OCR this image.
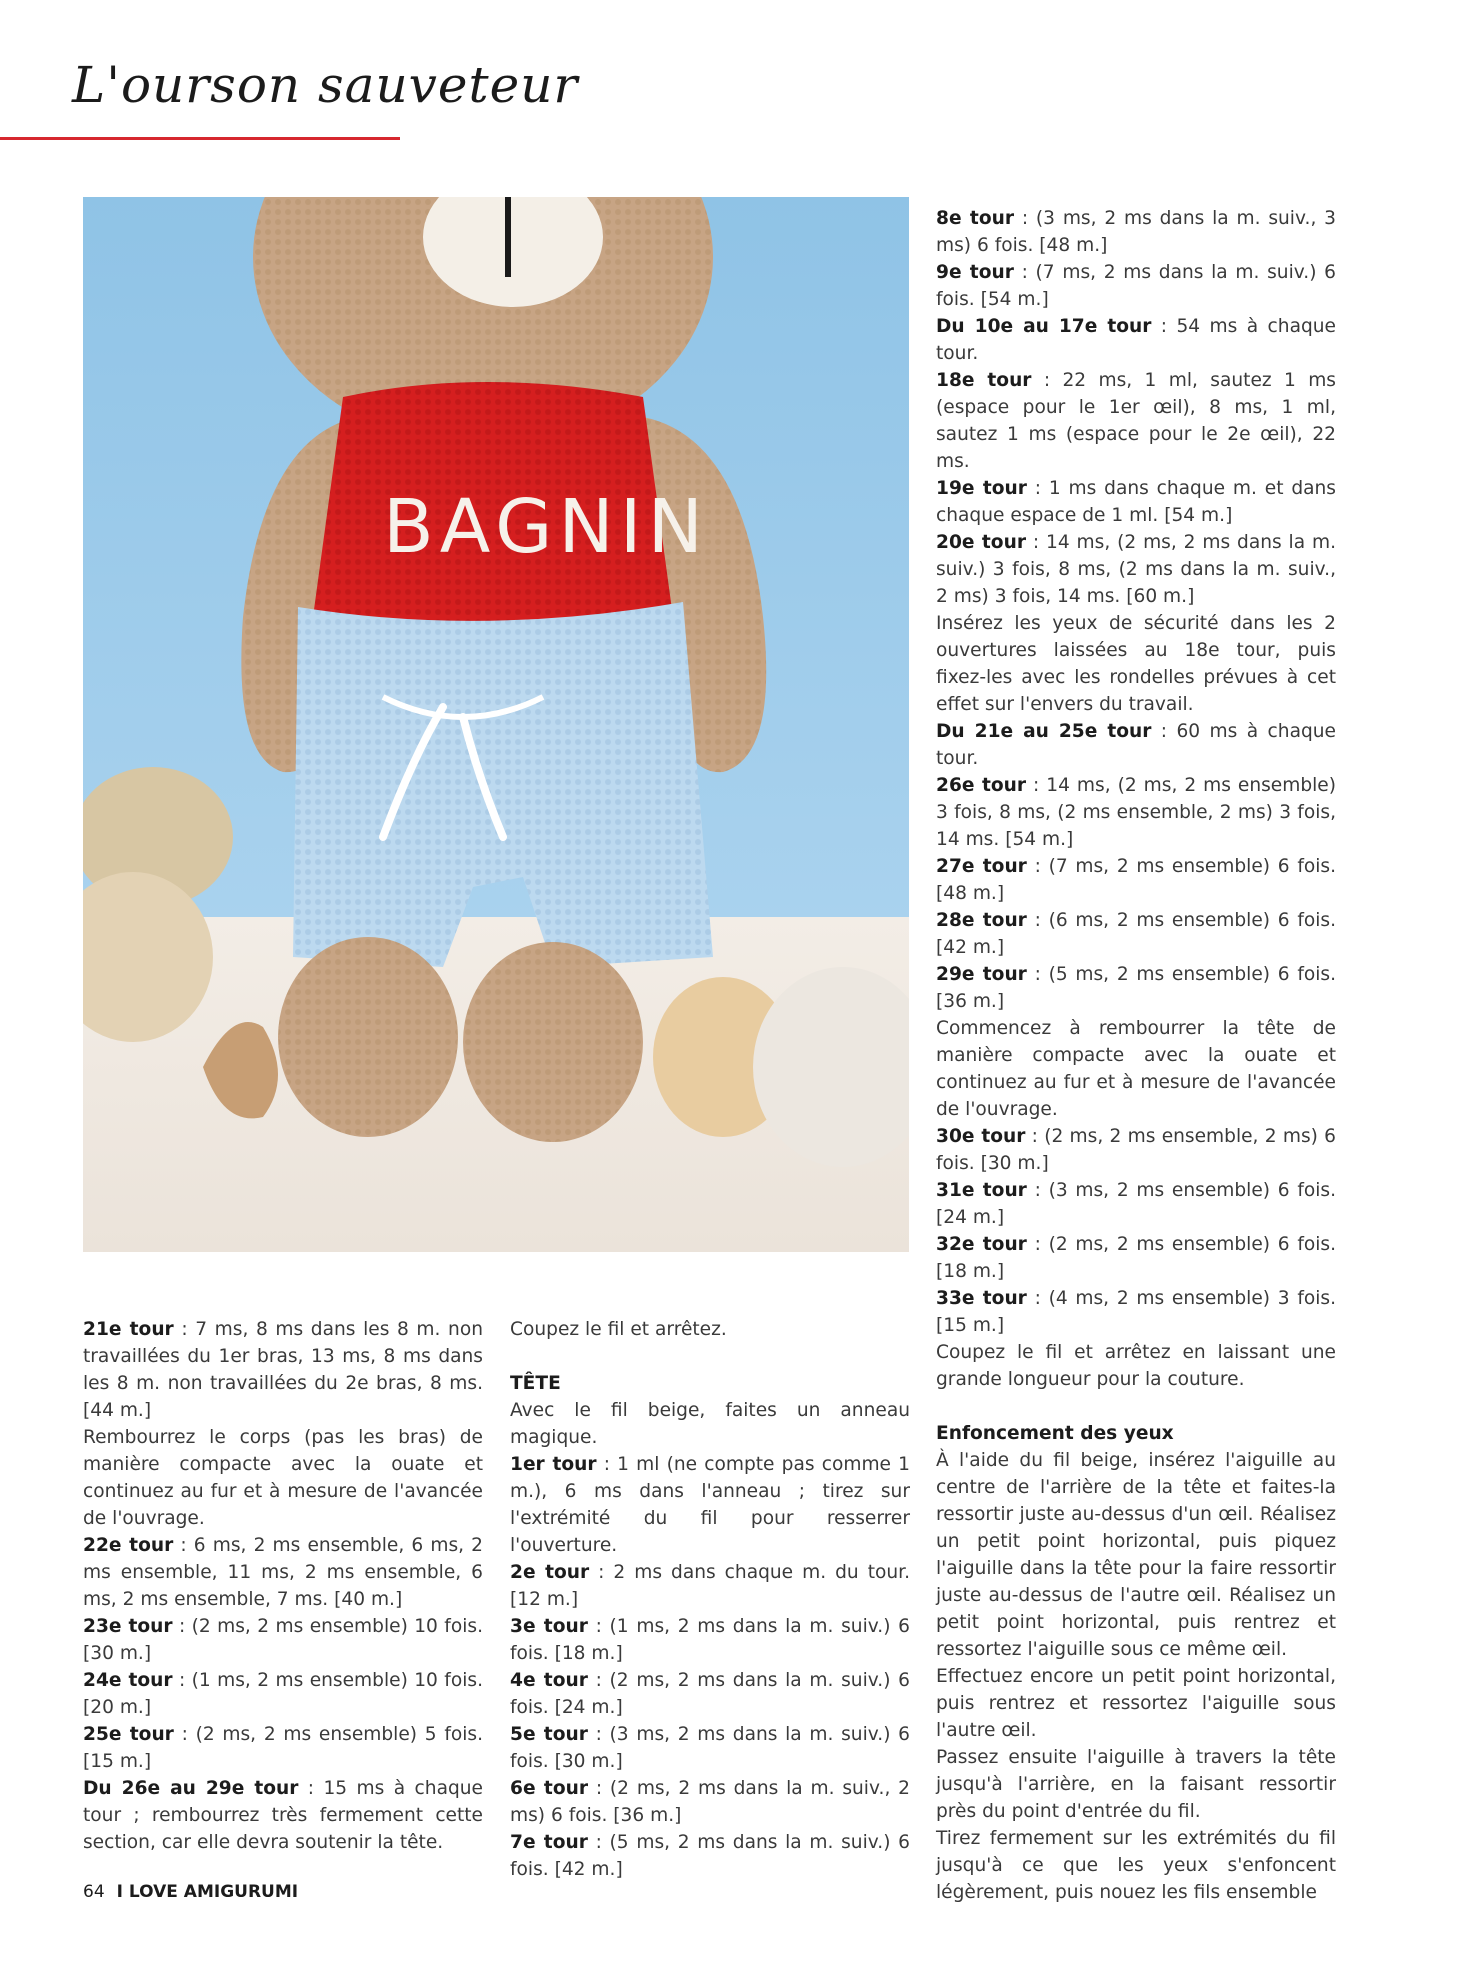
L'ourson sauveteur
BAGNIN

21e tour : 7 ms, 8 ms dans les 8 m. non travaillées du 1er bras, 13 ms, 8 ms dans les 8 m. non travaillées du 2e bras, 8 ms. [44 m.]

Rembourrez le corps (pas les bras) de manière compacte avec la ouate et continuez au fur et à mesure de l'avancée de l'ouvrage.

22e tour : 6 ms, 2 ms ensemble, 6 ms, 2 ms ensemble, 11 ms, 2 ms ensemble, 6 ms, 2 ms ensemble, 7 ms. [40 m.]

23e tour : (2 ms, 2 ms ensemble) 10 fois. [30 m.]

24e tour : (1 ms, 2 ms ensemble) 10 fois. [20 m.]

25e tour : (2 ms, 2 ms ensemble) 5 fois. [15 m.]

Du 26e au 29e tour : 15 ms à chaque tour ; rembourrez très fermement cette section, car elle devra soutenir la tête.

Coupez le fil et arrêtez.

TÊTE

Avec le fil beige, faites un anneau magique.

1er tour : 1 ml (ne compte pas comme 1 m.), 6 ms dans l'anneau ; tirez sur l'extrémité du fil pour resserrer l'ouverture.

2e tour : 2 ms dans chaque m. du tour. [12 m.]

3e tour : (1 ms, 2 ms dans la m. suiv.) 6 fois. [18 m.]

4e tour : (2 ms, 2 ms dans la m. suiv.) 6 fois. [24 m.]

5e tour : (3 ms, 2 ms dans la m. suiv.) 6 fois. [30 m.]

6e tour : (2 ms, 2 ms dans la m. suiv., 2 ms) 6 fois. [36 m.]

7e tour : (5 ms, 2 ms dans la m. suiv.) 6 fois. [42 m.]

8e tour : (3 ms, 2 ms dans la m. suiv., 3 ms) 6 fois. [48 m.]

9e tour : (7 ms, 2 ms dans la m. suiv.) 6 fois. [54 m.]

Du 10e au 17e tour : 54 ms à chaque tour.

18e tour : 22 ms, 1 ml, sautez 1 ms (espace pour le 1er œil), 8 ms, 1 ml, sautez 1 ms (espace pour le 2e œil), 22 ms.

19e tour : 1 ms dans chaque m. et dans chaque espace de 1 ml. [54 m.]

20e tour : 14 ms, (2 ms, 2 ms dans la m. suiv.) 3 fois, 8 ms, (2 ms dans la m. suiv., 2 ms) 3 fois, 14 ms. [60 m.]

Insérez les yeux de sécurité dans les 2 ouvertures laissées au 18e tour, puis fixez-les avec les rondelles prévues à cet effet sur l'envers du travail.

Du 21e au 25e tour : 60 ms à chaque tour.

26e tour : 14 ms, (2 ms, 2 ms ensemble) 3 fois, 8 ms, (2 ms ensemble, 2 ms) 3 fois, 14 ms. [54 m.]

27e tour : (7 ms, 2 ms ensemble) 6 fois. [48 m.]

28e tour : (6 ms, 2 ms ensemble) 6 fois. [42 m.]

29e tour : (5 ms, 2 ms ensemble) 6 fois. [36 m.]

Commencez à rembourrer la tête de manière compacte avec la ouate et continuez au fur et à mesure de l'avancée de l'ouvrage.

30e tour : (2 ms, 2 ms ensemble, 2 ms) 6 fois. [30 m.]

31e tour : (3 ms, 2 ms ensemble) 6 fois. [24 m.]

32e tour : (2 ms, 2 ms ensemble) 6 fois. [18 m.]

33e tour : (4 ms, 2 ms ensemble) 3 fois. [15 m.]

Coupez le fil et arrêtez en laissant une grande longueur pour la couture.

Enfoncement des yeux

À l'aide du fil beige, insérez l'aiguille au centre de l'arrière de la tête et faites-la ressortir juste au-dessus d'un œil. Réalisez un petit point horizontal, puis piquez l'aiguille dans la tête pour la faire ressortir juste au-dessus de l'autre œil. Réalisez un petit point horizontal, puis rentrez et ressortez l'aiguille sous ce même œil.

Effectuez encore un petit point horizontal, puis rentrez et ressortez l'aiguille sous l'autre œil.

Passez ensuite l'aiguille à travers la tête jusqu'à l'arrière, en la faisant ressortir près du point d'entrée du fil.

Tirez fermement sur les extrémités du fil jusqu'à ce que les yeux s'enfoncent légèrement, puis nouez les fils ensemble

64 I LOVE AMIGURUMI
